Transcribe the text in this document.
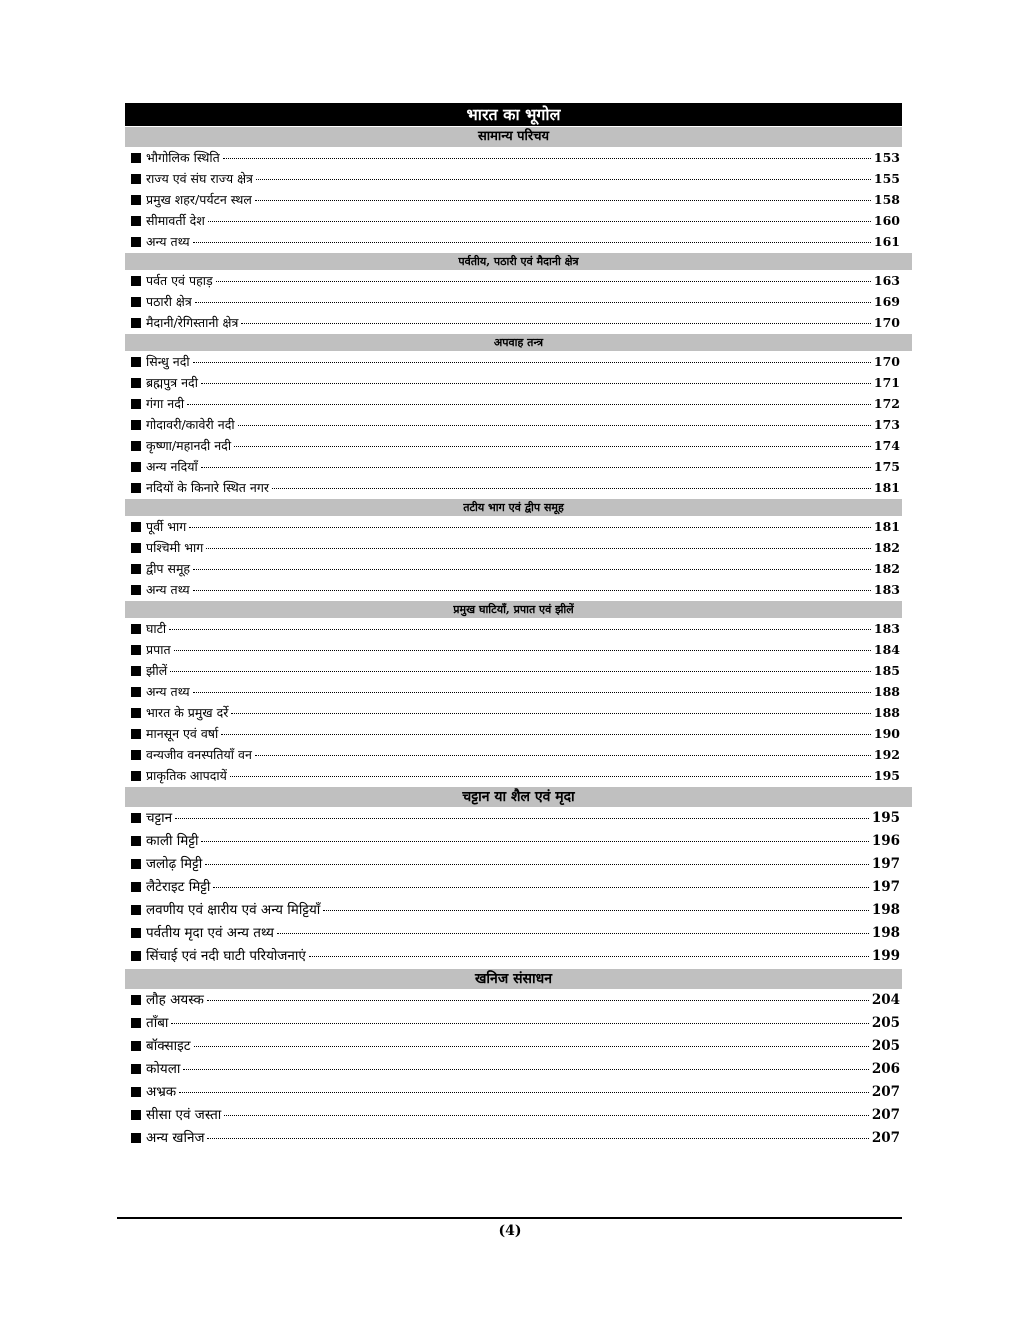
भारत का भूगोल
सामान्य परिचय
भौगोलिक स्थिति	153
राज्य एवं संघ राज्य क्षेत्र	155
प्रमुख शहर/पर्यटन स्थल	158
सीमावर्ती देश	160
अन्य तथ्य	161
पर्वतीय, पठारी एवं मैदानी क्षेत्र
पर्वत एवं पहाड़	163
पठारी क्षेत्र	169
मैदानी/रेगिस्तानी क्षेत्र	170
अपवाह तन्त्र
सिन्धु नदी	170
ब्रह्मपुत्र नदी	171
गंगा नदी	172
गोदावरी/कावेरी नदी	173
कृष्णा/महानदी नदी	174
अन्य नदियाँ	175
नदियों के किनारे स्थित नगर	181
तटीय भाग एवं द्वीप समूह
पूर्वी भाग	181
पश्चिमी भाग	182
द्वीप समूह	182
अन्य तथ्य	183
प्रमुख घाटियाँ, प्रपात एवं झीलें
घाटी	183
प्रपात	184
झीलें	185
अन्य तथ्य	188
भारत के प्रमुख दर्रे	188
मानसून एवं वर्षा	190
वन्यजीव वनस्पतियाँ वन	192
प्राकृतिक आपदायें	195
चट्टान या शैल एवं मृदा
चट्टान	195
काली मिट्टी	196
जलोढ़ मिट्टी	197
लैटेराइट मिट्टी	197
लवणीय एवं क्षारीय एवं अन्य मिट्टियाँ	198
पर्वतीय मृदा एवं अन्य तथ्य	198
सिंचाई एवं नदी घाटी परियोजनाएं	199
खनिज संसाधन
लौह अयस्क	204
ताँबा	205
बॉक्साइट	205
कोयला	206
अभ्रक	207
सीसा एवं जस्ता	207
अन्य खनिज	207
(4)
